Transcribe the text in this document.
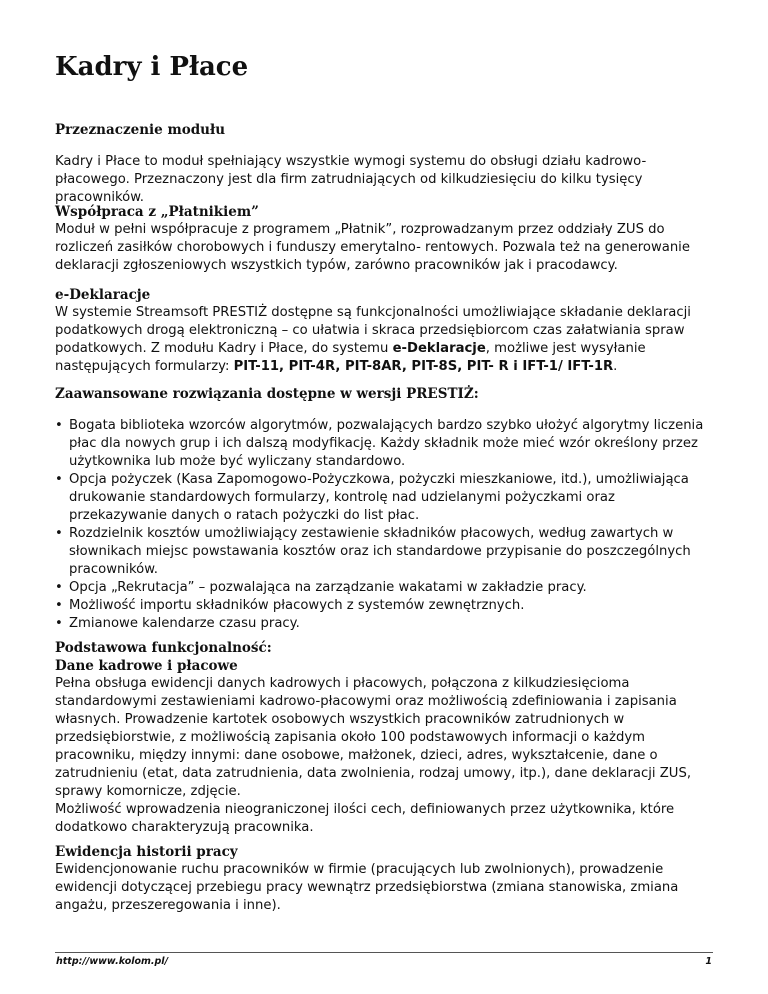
Kadry i Płace

Przeznaczenie modułu

Kadry i Płace to moduł spełniający wszystkie wymogi systemu do obsługi działu kadrowo-płacowego. Przeznaczony jest dla firm zatrudniających od kilkudziesięciu do kilku tysięcy pracowników.

Współpraca z „Płatnikiem”

Moduł w pełni współpracuje z programem „Płatnik”, rozprowadzanym przez oddziały ZUS do rozliczeń zasiłków chorobowych i funduszy emerytalno- rentowych. Pozwala też na generowanie deklaracji zgłoszeniowych wszystkich typów, zarówno pracowników jak i pracodawcy.

e-Deklaracje

W systemie Streamsoft PRESTIŻ dostępne są funkcjonalności umożliwiające składanie deklaracji podatkowych drogą elektroniczną – co ułatwia i skraca przedsiębiorcom czas załatwiania spraw podatkowych. Z modułu Kadry i Płace, do systemu e-Deklaracje, możliwe jest wysyłanie następujących formularzy: PIT-11, PIT-4R, PIT-8AR, PIT-8S, PIT- R i IFT-1/ IFT-1R.

Zaawansowane rozwiązania dostępne w wersji PRESTIŻ:

• Bogata biblioteka wzorców algorytmów, pozwalających bardzo szybko ułożyć algorytmy liczenia płac dla nowych grup i ich dalszą modyfikację. Każdy składnik może mieć wzór określony przez użytkownika lub może być wyliczany standardowo.
• Opcja pożyczek (Kasa Zapomogowo-Pożyczkowa, pożyczki mieszkaniowe, itd.), umożliwiająca drukowanie standardowych formularzy, kontrolę nad udzielanymi pożyczkami oraz przekazywanie danych o ratach pożyczki do list płac.
• Rozdzielnik kosztów umożliwiający zestawienie składników płacowych, według zawartych w słownikach miejsc powstawania kosztów oraz ich standardowe przypisanie do poszczególnych pracowników.
• Opcja „Rekrutacja” – pozwalająca na zarządzanie wakatami w zakładzie pracy.
• Możliwość importu składników płacowych z systemów zewnętrznych.
• Zmianowe kalendarze czasu pracy.

Podstawowa funkcjonalność:

Dane kadrowe i płacowe

Pełna obsługa ewidencji danych kadrowych i płacowych, połączona z kilkudziesięcioma standardowymi zestawieniami kadrowo-płacowymi oraz możliwością zdefiniowania i zapisania własnych. Prowadzenie kartotek osobowych wszystkich pracowników zatrudnionych w przedsiębiorstwie, z możliwością zapisania około 100 podstawowych informacji o każdym pracowniku, między innymi: dane osobowe, małżonek, dzieci, adres, wykształcenie, dane o zatrudnieniu (etat, data zatrudnienia, data zwolnienia, rodzaj umowy, itp.), dane deklaracji ZUS, sprawy komornicze, zdjęcie.

Możliwość wprowadzenia nieograniczonej ilości cech, definiowanych przez użytkownika, które dodatkowo charakteryzują pracownika.

Ewidencja historii pracy

Ewidencjonowanie ruchu pracowników w firmie (pracujących lub zwolnionych), prowadzenie ewidencji dotyczącej przebiegu pracy wewnątrz przedsiębiorstwa (zmiana stanowiska, zmiana angażu, przeszeregowania i inne).

http://www.kolom.pl/	1
